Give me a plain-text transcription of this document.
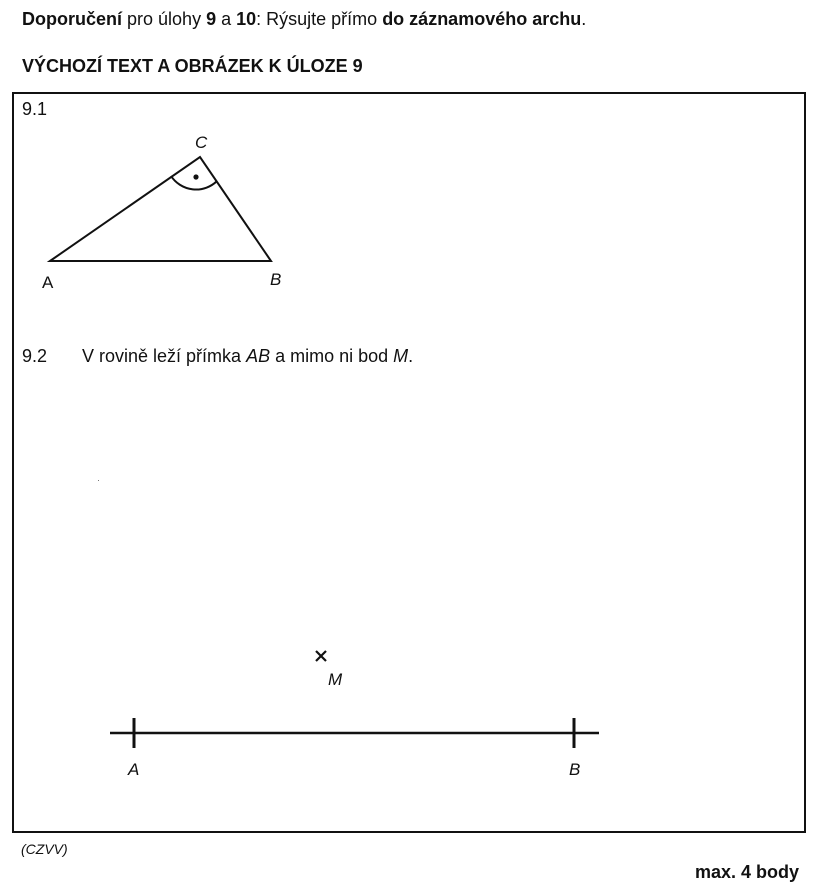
Doporučení pro úlohy 9 a 10: Rýsujte přímo do záznamového archu.
VÝCHOZÍ TEXT A OBRÁZEK K ÚLOZE 9
9.1
9.2 V rovině leží přímka AB a mimo ni bod M.
A	B
C
A	B
M
(CZVV)
max. 4 body
